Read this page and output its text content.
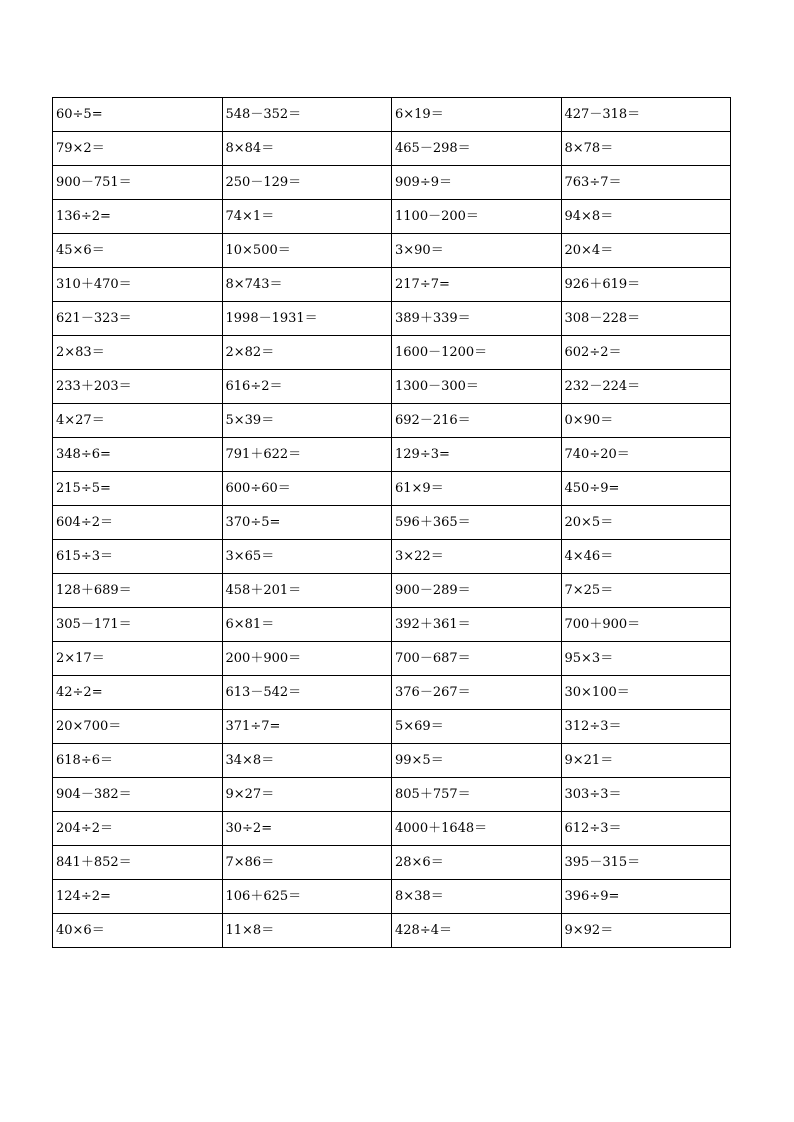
60÷5=	548－352＝	6×19＝	427－318＝
79×2＝	8×84＝	465－298＝	8×78＝
900－751＝	250－129＝	909÷9＝	763÷7＝
136÷2=	74×1＝	1100－200＝	94×8＝
45×6＝	10×500＝	3×90＝	20×4＝
310＋470＝	8×743＝	217÷7=	926＋619＝
621－323＝	1998－1931＝	389＋339＝	308－228＝
2×83＝	2×82＝	1600－1200＝	602÷2＝
233＋203＝	616÷2＝	1300－300＝	232－224＝
4×27＝	5×39＝	692－216＝	0×90＝
348÷6=	791＋622＝	129÷3=	740÷20＝
215÷5=	600÷60＝	61×9＝	450÷9=
604÷2＝	370÷5=	596＋365＝	20×5＝
615÷3＝	3×65＝	3×22＝	4×46＝
128＋689＝	458＋201＝	900－289＝	7×25＝
305－171＝	6×81＝	392＋361＝	700＋900＝
2×17＝	200＋900＝	700－687＝	95×3＝
42÷2=	613－542＝	376－267＝	30×100＝
20×700＝	371÷7=	5×69＝	312÷3＝
618÷6＝	34×8＝	99×5＝	9×21＝
904－382＝	9×27＝	805＋757＝	303÷3＝
204÷2＝	30÷2=	4000＋1648＝	612÷3＝
841＋852＝	7×86＝	28×6＝	395－315＝
124÷2=	106＋625＝	8×38＝	396÷9=
40×6＝	11×8＝	428÷4＝	9×92＝
